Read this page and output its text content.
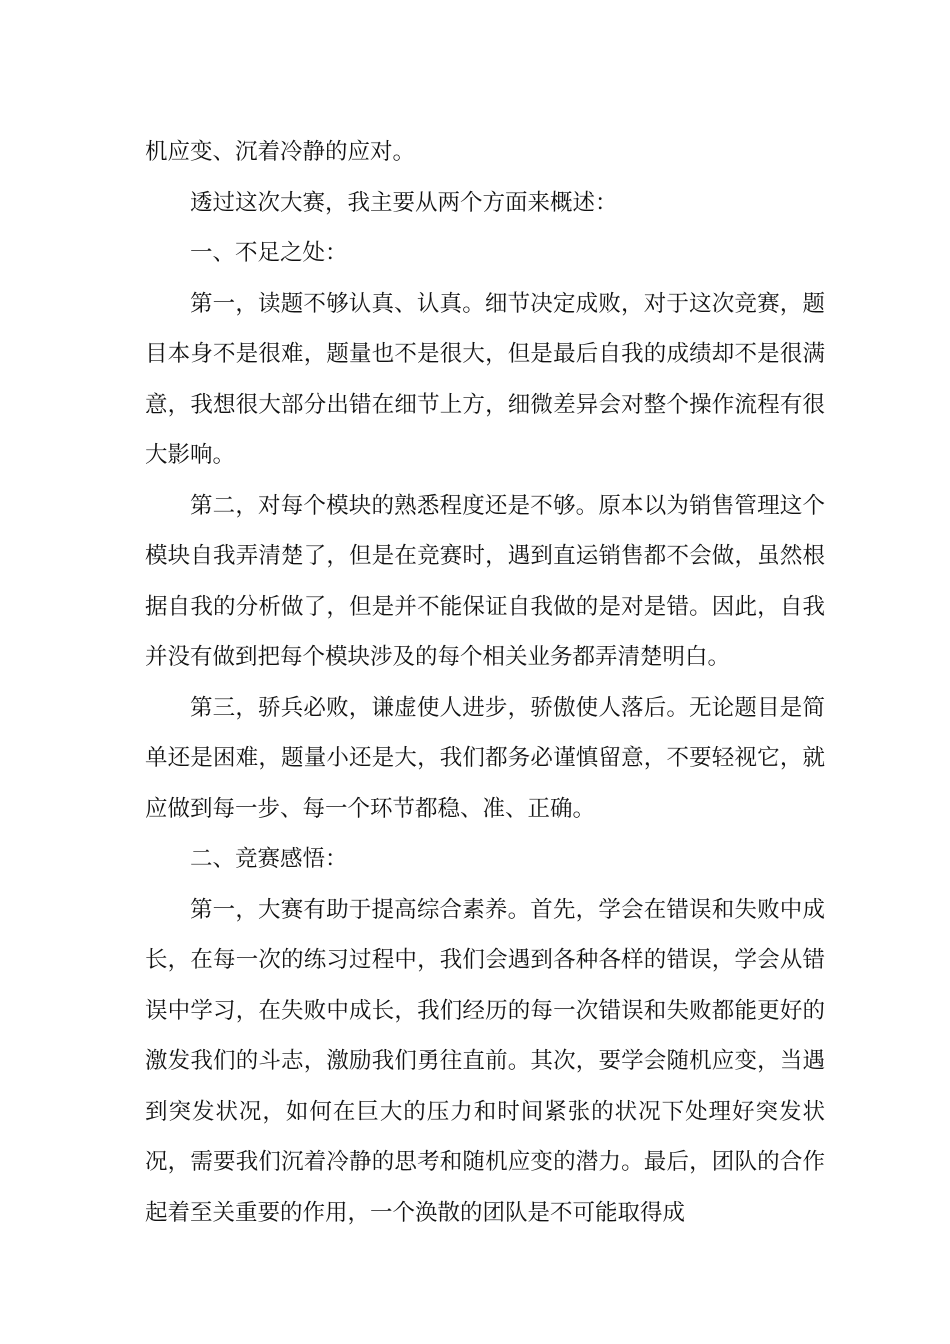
机应变、沉着冷静的应对。

透过这次大赛，我主要从两个方面来概述：

一、不足之处：

第一，读题不够认真、认真。细节决定成败，对于这次竞赛，题目本身不是很难，题量也不是很大，但是最后自我的成绩却不是很满意，我想很大部分出错在细节上方，细微差异会对整个操作流程有很大影响。

第二，对每个模块的熟悉程度还是不够。原本以为销售管理这个模块自我弄清楚了，但是在竞赛时，遇到直运销售都不会做，虽然根据自我的分析做了，但是并不能保证自我做的是对是错。因此，自我并没有做到把每个模块涉及的每个相关业务都弄清楚明白。

第三，骄兵必败，谦虚使人进步，骄傲使人落后。无论题目是简单还是困难，题量小还是大，我们都务必谨慎留意，不要轻视它，就应做到每一步、每一个环节都稳、准、正确。

二、竞赛感悟：

第一，大赛有助于提高综合素养。首先，学会在错误和失败中成长，在每一次的练习过程中，我们会遇到各种各样的错误，学会从错误中学习，在失败中成长，我们经历的每一次错误和失败都能更好的激发我们的斗志，激励我们勇往直前。其次，要学会随机应变，当遇到突发状况，如何在巨大的压力和时间紧张的状况下处理好突发状况，需要我们沉着冷静的思考和随机应变的潜力。最后，团队的合作起着至关重要的作用，一个涣散的团队是不可能取得成
